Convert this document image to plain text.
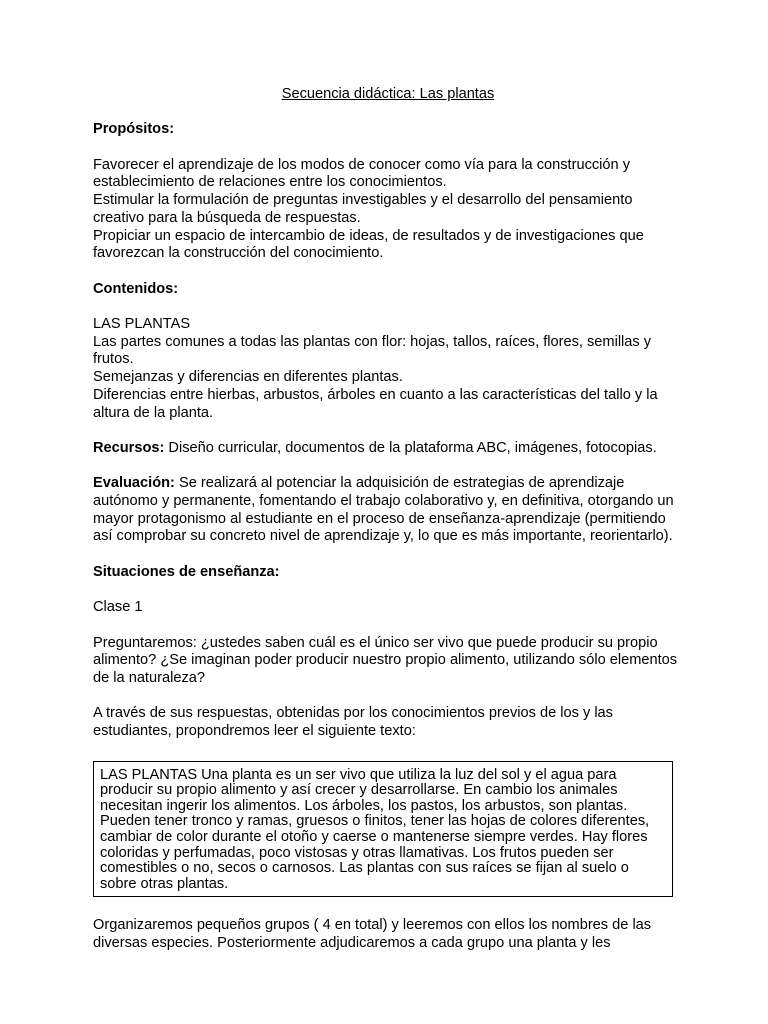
Secuencia didáctica: Las plantas
Propósitos:

Favorecer el aprendizaje de los modos de conocer como vía para la construcción y establecimiento de relaciones entre los conocimientos.

Estimular la formulación de preguntas investigables y el desarrollo del pensamiento creativo para la búsqueda de respuestas.

Propiciar un espacio de intercambio de ideas, de resultados y de investigaciones que favorezcan la construcción del conocimiento.

Contenidos:

LAS PLANTAS

Las partes comunes a todas las plantas con flor: hojas, tallos, raíces, flores, semillas y frutos.

Semejanzas y diferencias en diferentes plantas.

Diferencias entre hierbas, arbustos, árboles en cuanto a las características del tallo y la altura de la planta.

Recursos: Diseño curricular, documentos de la plataforma ABC, imágenes, fotocopias.

Evaluación: Se realizará al potenciar la adquisición de estrategias de aprendizaje autónomo y permanente, fomentando el trabajo colaborativo y, en definitiva, otorgando un mayor protagonismo al estudiante en el proceso de enseñanza-aprendizaje (permitiendo así comprobar su concreto nivel de aprendizaje y, lo que es más importante, reorientarlo).

Situaciones de enseñanza:

Clase 1

Preguntaremos: ¿ustedes saben cuál es el único ser vivo que puede producir su propio alimento? ¿Se imaginan poder producir nuestro propio alimento, utilizando sólo elementos de la naturaleza?

A través de sus respuestas, obtenidas por los conocimientos previos de los y las estudiantes, propondremos leer el siguiente texto:

LAS PLANTAS Una planta es un ser vivo que utiliza la luz del sol y el agua para producir su propio alimento y así crecer y desarrollarse. En cambio los animales necesitan ingerir los alimentos. Los árboles, los pastos, los arbustos, son plantas. Pueden tener tronco y ramas, gruesos o finitos, tener las hojas de colores diferentes, cambiar de color durante el otoño y caerse o mantenerse siempre verdes. Hay flores coloridas y perfumadas, poco vistosas y otras llamativas. Los frutos pueden ser comestibles o no, secos o carnosos. Las plantas con sus raíces se fijan al suelo o sobre otras plantas.

Organizaremos pequeños grupos ( 4 en total) y leeremos con ellos los nombres de las diversas especies. Posteriormente adjudicaremos a cada grupo una planta y les
